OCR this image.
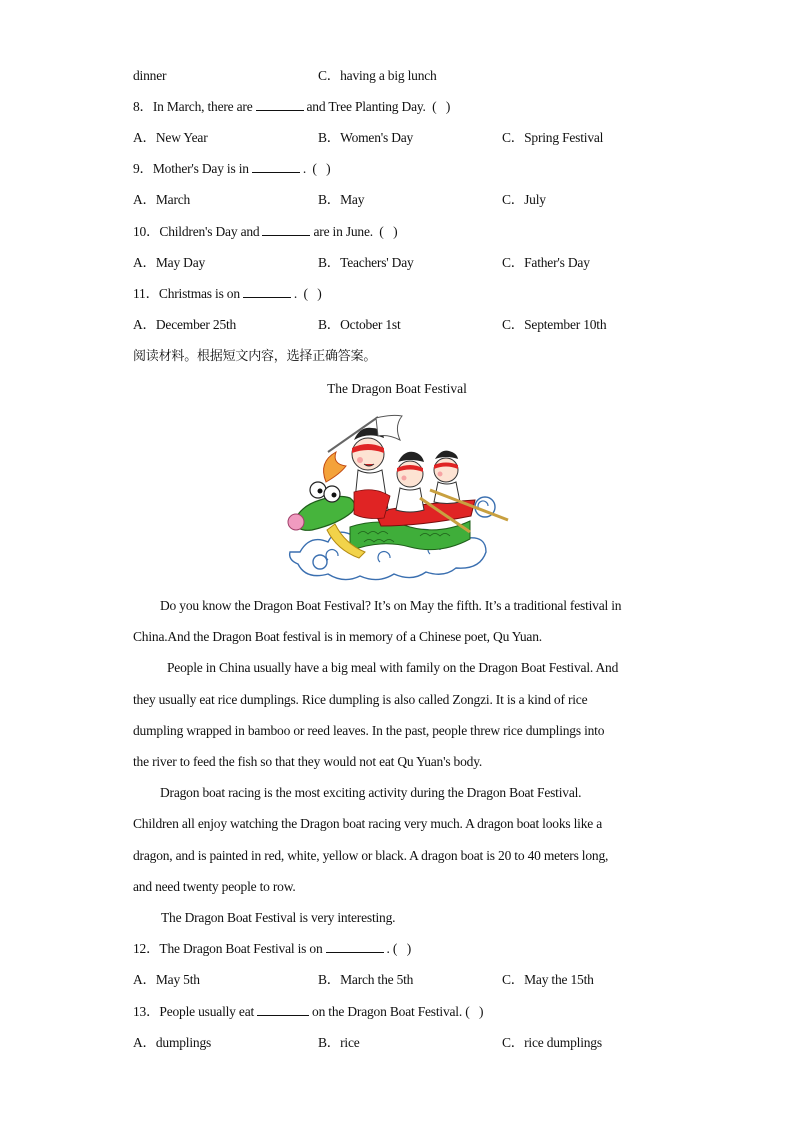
dinner	C．having a big lunch
8．In March, there are	and Tree Planting Day. (   )
A．New Year	B．Women's Day	C．Spring Festival
9．Mother's Day is in	. (   )
A．March	B．May	C．July
10．Children's Day and	are in June. (   )
A．May Day	B．Teachers' Day	C．Father's Day
11．Christmas is on	. (   )
A．December 25th	B．October 1st	C．September 10th
阅读材料。根据短文内容，选择正确答案。
The Dragon Boat Festival
Do you know the Dragon Boat Festival? It’s on May the fifth. It’s a traditional festival in
China.And the Dragon Boat festival is in memory of a Chinese poet, Qu Yuan.
People in China usually have a big meal with family on the Dragon Boat Festival. And
they usually eat rice dumplings. Rice dumpling is also called Zongzi. It is a kind of rice
dumpling wrapped in bamboo or reed leaves. In the past, people threw rice dumplings into
the river to feed the fish so that they would not eat Qu Yuan's body.
Dragon boat racing is the most exciting activity during the Dragon Boat Festival.
Children all enjoy watching the Dragon boat racing very much. A dragon boat looks like a
dragon, and is painted in red, white, yellow or black. A dragon boat is 20 to 40 meters long,
and need twenty people to row.
The Dragon Boat Festival is very interesting.
12．The Dragon Boat Festival is on	. (   )
A．May 5th	B．March the 5th	C．May the 15th
13．People usually eat	on the Dragon Boat Festival. (   )
A．dumplings	B．rice	C．rice dumplings
